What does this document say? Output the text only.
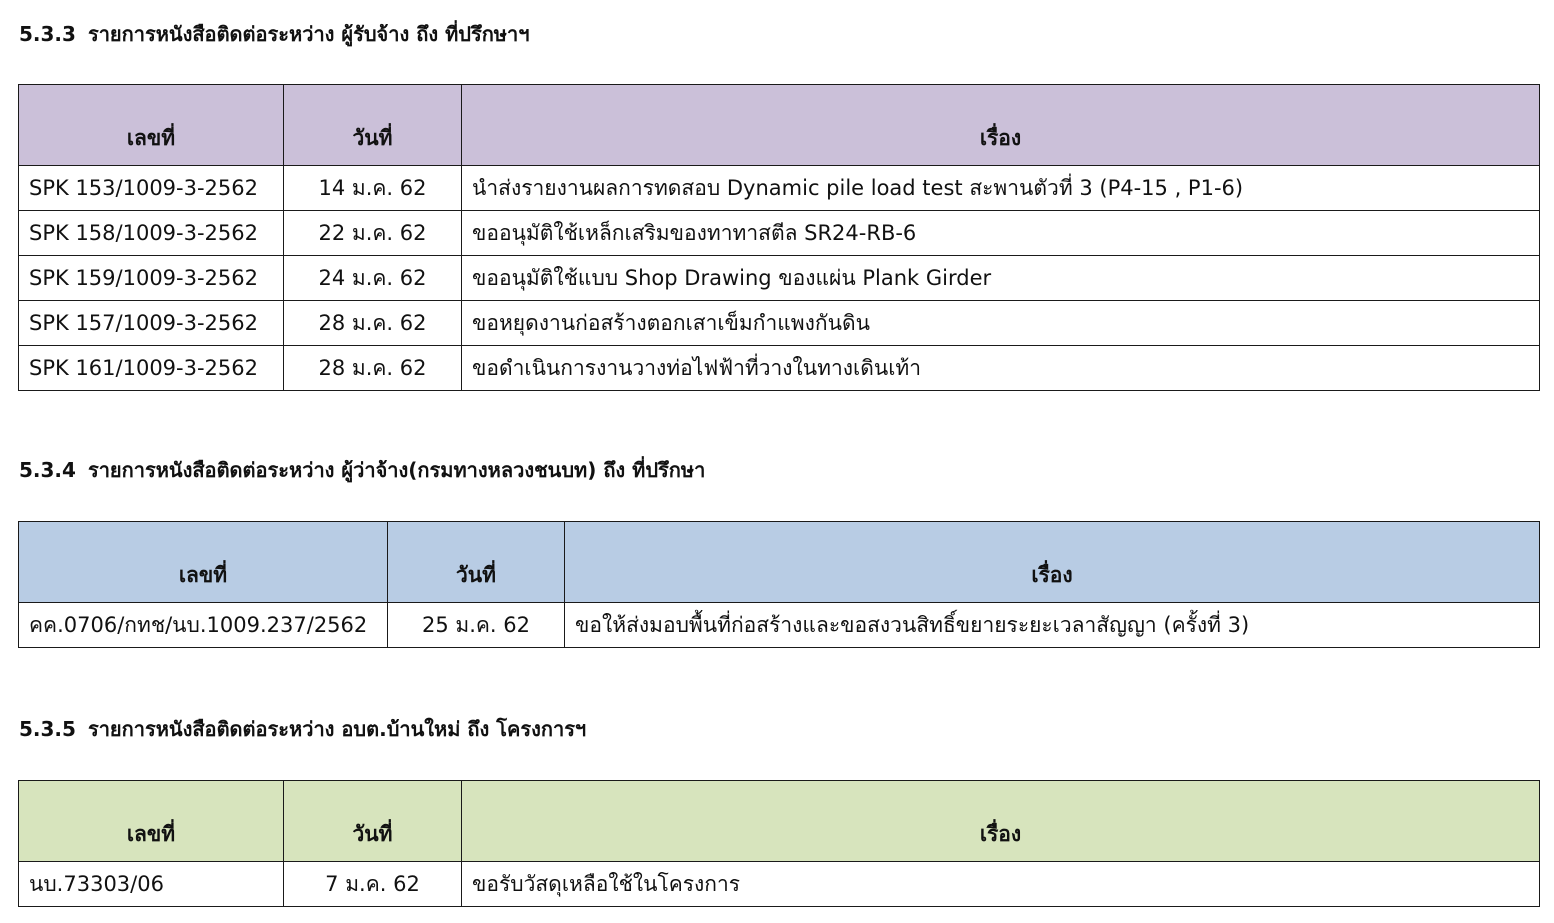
5.3.3 รายการหนังสือติดต่อระหว่าง ผู้รับจ้าง ถึง ที่ปรึกษาฯ
เลขที่	วันที่	เรื่อง
SPK 153/1009-3-2562	14 ม.ค. 62	นำส่งรายงานผลการทดสอบ Dynamic pile load test สะพานตัวที่ 3 (P4-15 , P1-6)
SPK 158/1009-3-2562	22 ม.ค. 62	ขออนุมัติใช้เหล็กเสริมของทาทาสตีล SR24-RB-6
SPK 159/1009-3-2562	24 ม.ค. 62	ขออนุมัติใช้แบบ Shop Drawing ของแผ่น Plank Girder
SPK 157/1009-3-2562	28 ม.ค. 62	ขอหยุดงานก่อสร้างตอกเสาเข็มกำแพงกันดิน
SPK 161/1009-3-2562	28 ม.ค. 62	ขอดำเนินการงานวางท่อไฟฟ้าที่วางในทางเดินเท้า
5.3.4 รายการหนังสือติดต่อระหว่าง ผู้ว่าจ้าง(กรมทางหลวงชนบท) ถึง ที่ปรึกษา
เลขที่	วันที่	เรื่อง
คค.0706/กทช/นบ.1009.237/2562	25 ม.ค. 62	ขอให้ส่งมอบพื้นที่ก่อสร้างและขอสงวนสิทธิ์ขยายระยะเวลาสัญญา (ครั้งที่ 3)
5.3.5 รายการหนังสือติดต่อระหว่าง อบต.บ้านใหม่ ถึง โครงการฯ
เลขที่	วันที่	เรื่อง
นบ.73303/06	7 ม.ค. 62	ขอรับวัสดุเหลือใช้ในโครงการ
